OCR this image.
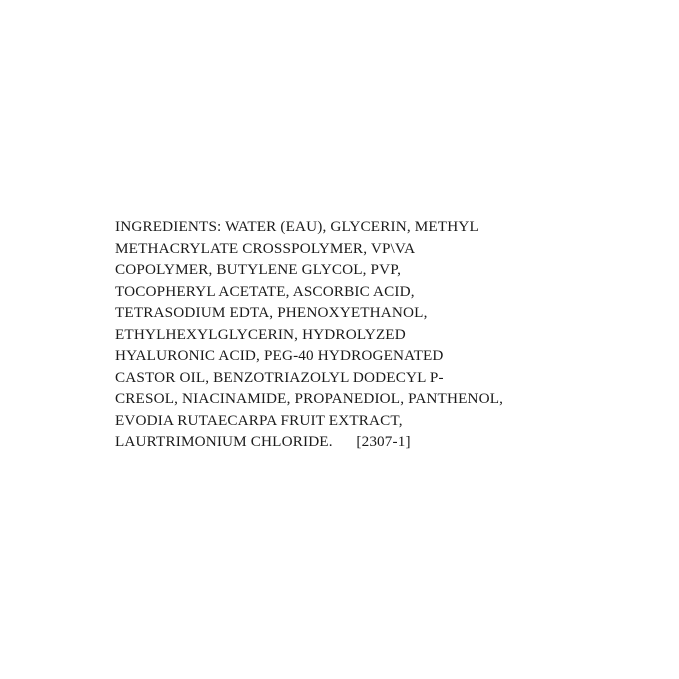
INGREDIENTS: WATER (EAU), GLYCERIN, METHYL
METHACRYLATE CROSSPOLYMER, VP\VA
COPOLYMER, BUTYLENE GLYCOL, PVP,
TOCOPHERYL ACETATE, ASCORBIC ACID,
TETRASODIUM EDTA, PHENOXYETHANOL,
ETHYLHEXYLGLYCERIN, HYDROLYZED
HYALURONIC ACID, PEG-40 HYDROGENATED
CASTOR OIL, BENZOTRIAZOLYL DODECYL P-
CRESOL, NIACINAMIDE, PROPANEDIOL, PANTHENOL,
EVODIA RUTAECARPA FRUIT EXTRACT,
LAURTRIMONIUM CHLORIDE.      [2307-1]
